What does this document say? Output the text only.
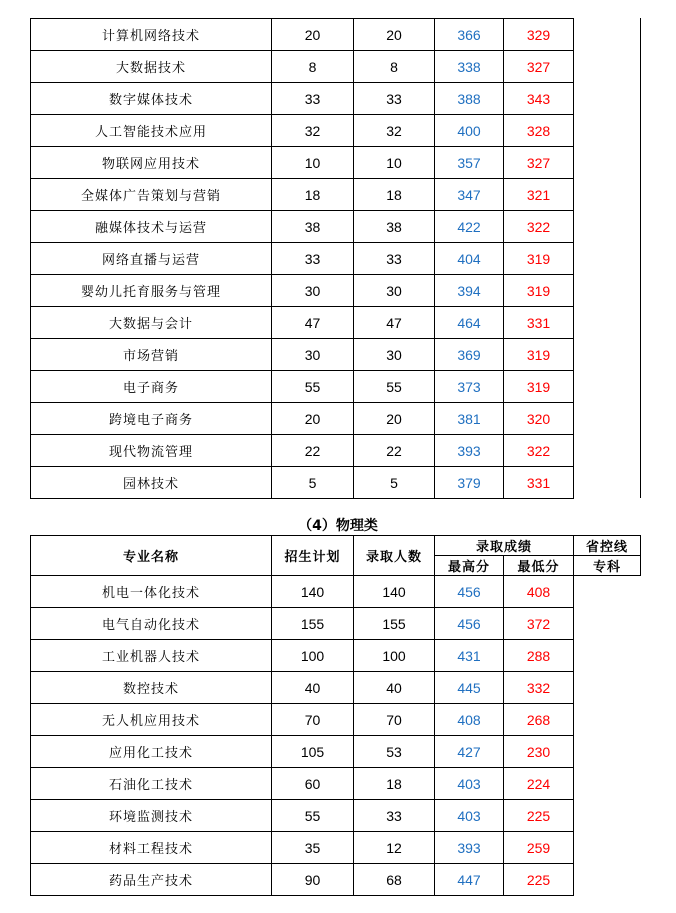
计算机网络技术	20	20	366	329
大数据技术	8	8	338	327
数字媒体技术	33	33	388	343
人工智能技术应用	32	32	400	328
物联网应用技术	10	10	357	327
全媒体广告策划与营销	18	18	347	321
融媒体技术与运营	38	38	422	322
网络直播与运营	33	33	404	319
婴幼儿托育服务与管理	30	30	394	319
大数据与会计	47	47	464	331
市场营销	30	30	369	319
电子商务	55	55	373	319
跨境电子商务	20	20	381	320
现代物流管理	22	22	393	322
园林技术	5	5	379	331
（4）物理类
专业名称	招生计划	录取人数	录取成绩		省控线
			最高分	最低分	专科
机电一体化技术	140	140	456	408	
电气自动化技术	155	155	456	372	
工业机器人技术	100	100	431	288	
数控技术	40	40	445	332	
无人机应用技术	70	70	408	268	
应用化工技术	105	53	427	230	
石油化工技术	60	18	403	224	
环境监测技术	55	33	403	225	
材料工程技术	35	12	393	259	
药品生产技术	90	68	447	225	
